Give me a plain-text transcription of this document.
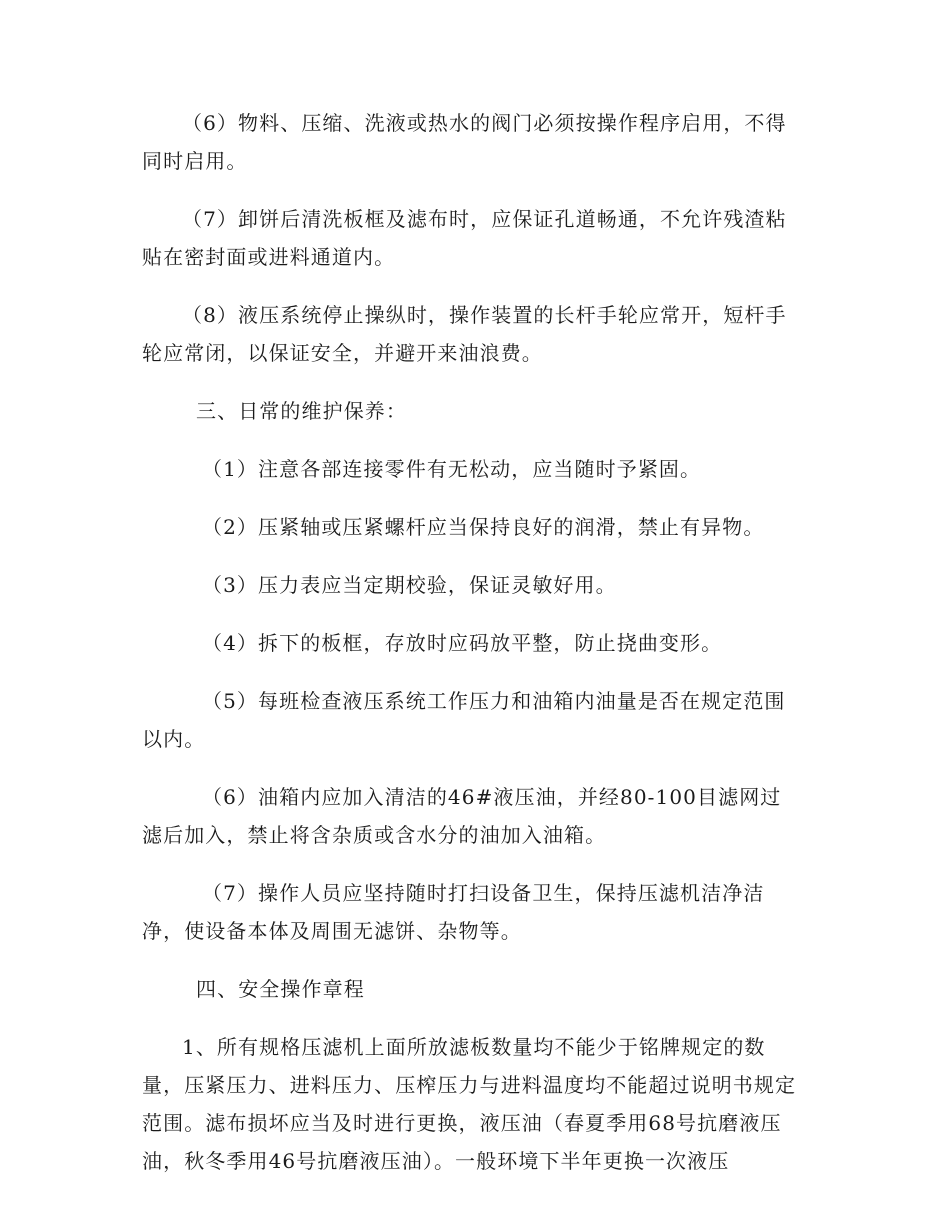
（6）物料、压缩、洗液或热水的阀门必须按操作程序启用，不得同时启用。

（7）卸饼后清洗板框及滤布时，应保证孔道畅通，不允许残渣粘贴在密封面或进料通道内。

（8）液压系统停止操纵时，操作装置的长杆手轮应常开，短杆手轮应常闭，以保证安全，并避开来油浪费。

三、日常的维护保养：

（1）注意各部连接零件有无松动，应当随时予紧固。

（2）压紧轴或压紧螺杆应当保持良好的润滑，禁止有异物。

（3）压力表应当定期校验，保证灵敏好用。

（4）拆下的板框，存放时应码放平整，防止挠曲变形。

（5）每班检查液压系统工作压力和油箱内油量是否在规定范围以内。

（6）油箱内应加入清洁的46#液压油，并经80-100目滤网过滤后加入，禁止将含杂质或含水分的油加入油箱。

（7）操作人员应坚持随时打扫设备卫生，保持压滤机洁净洁净，使设备本体及周围无滤饼、杂物等。

四、安全操作章程

1、所有规格压滤机上面所放滤板数量均不能少于铭牌规定的数量，压紧压力、进料压力、压榨压力与进料温度均不能超过说明书规定范围。滤布损坏应当及时进行更换，液压油（春夏季用68号抗磨液压油，秋冬季用46号抗磨液压油）。一般环境下半年更换一次液压
